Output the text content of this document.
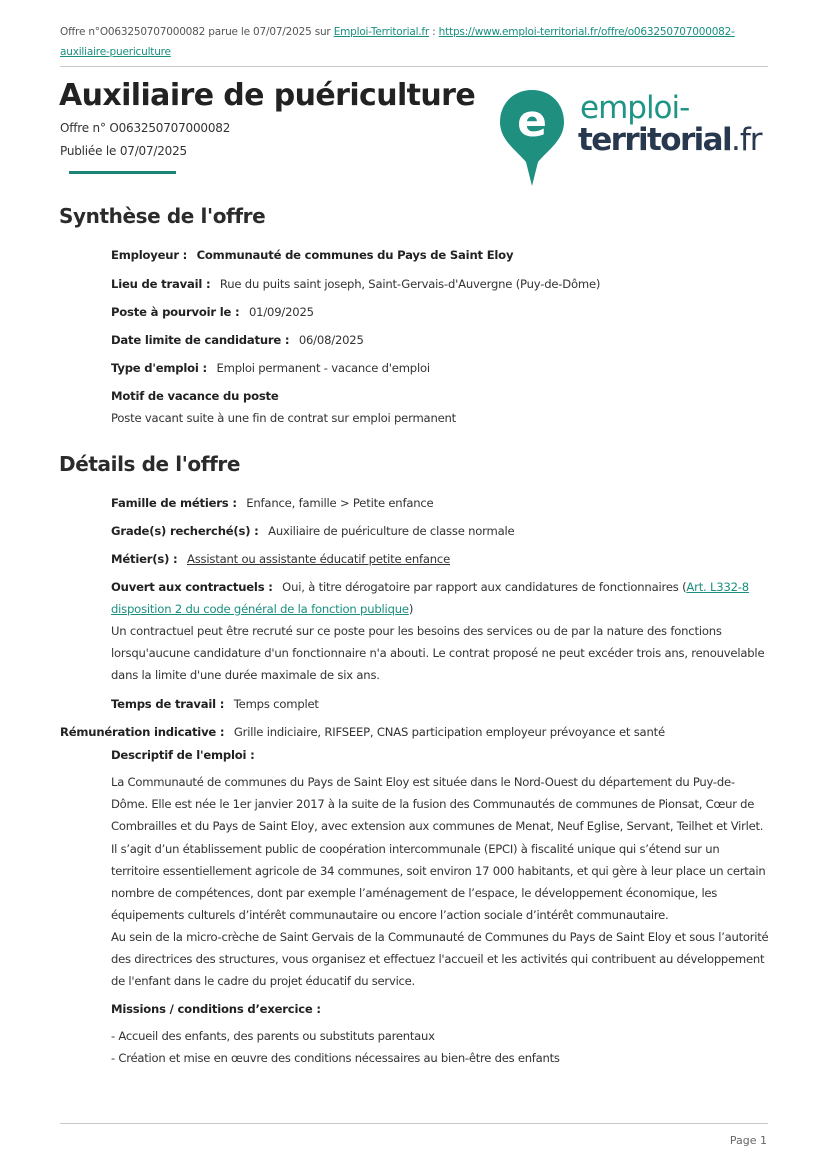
Offre n°O063250707000082 parue le 07/07/2025 sur Emploi-Territorial.fr : https://www.emploi-territorial.fr/offre/o063250707000082-auxiliaire-puericulture
Auxiliaire de puériculture
Offre n° O063250707000082
Publiée le 07/07/2025
e emploi-
territorial.fr
Synthèse de l'offre
Employeur : Communauté de communes du Pays de Saint Eloy
Lieu de travail : Rue du puits saint joseph, Saint-Gervais-d'Auvergne (Puy-de-Dôme)
Poste à pourvoir le : 01/09/2025
Date limite de candidature : 06/08/2025
Type d'emploi : Emploi permanent - vacance d'emploi
Motif de vacance du poste
Poste vacant suite à une fin de contrat sur emploi permanent
Détails de l'offre
Famille de métiers : Enfance, famille > Petite enfance
Grade(s) recherché(s) : Auxiliaire de puériculture de classe normale
Métier(s) : Assistant ou assistante éducatif petite enfance
Ouvert aux contractuels : Oui, à titre dérogatoire par rapport aux candidatures de fonctionnaires (Art. L332-8 disposition 2 du code général de la fonction publique)
Un contractuel peut être recruté sur ce poste pour les besoins des services ou de par la nature des fonctions lorsqu'aucune candidature d'un fonctionnaire n'a abouti. Le contrat proposé ne peut excéder trois ans, renouvelable dans la limite d'une durée maximale de six ans.
Temps de travail : Temps complet
Rémunération indicative : Grille indiciaire, RIFSEEP, CNAS participation employeur prévoyance et santé
Descriptif de l'emploi :
La Communauté de communes du Pays de Saint Eloy est située dans le Nord-Ouest du département du Puy-de-Dôme. Elle est née le 1er janvier 2017 à la suite de la fusion des Communautés de communes de Pionsat, Cœur de Combrailles et du Pays de Saint Eloy, avec extension aux communes de Menat, Neuf Eglise, Servant, Teilhet et Virlet. Il s’agit d’un établissement public de coopération intercommunale (EPCI) à fiscalité unique qui s’étend sur un territoire essentiellement agricole de 34 communes, soit environ 17 000 habitants, et qui gère à leur place un certain nombre de compétences, dont par exemple l’aménagement de l’espace, le développement économique, les équipements culturels d’intérêt communautaire ou encore l’action sociale d’intérêt communautaire.
Au sein de la micro-crèche de Saint Gervais de la Communauté de Communes du Pays de Saint Eloy et sous l’autorité des directrices des structures, vous organisez et effectuez l'accueil et les activités qui contribuent au développement de l'enfant dans le cadre du projet éducatif du service.
Missions / conditions d’exercice :
- Accueil des enfants, des parents ou substituts parentaux
- Création et mise en œuvre des conditions nécessaires au bien-être des enfants
Page 1
